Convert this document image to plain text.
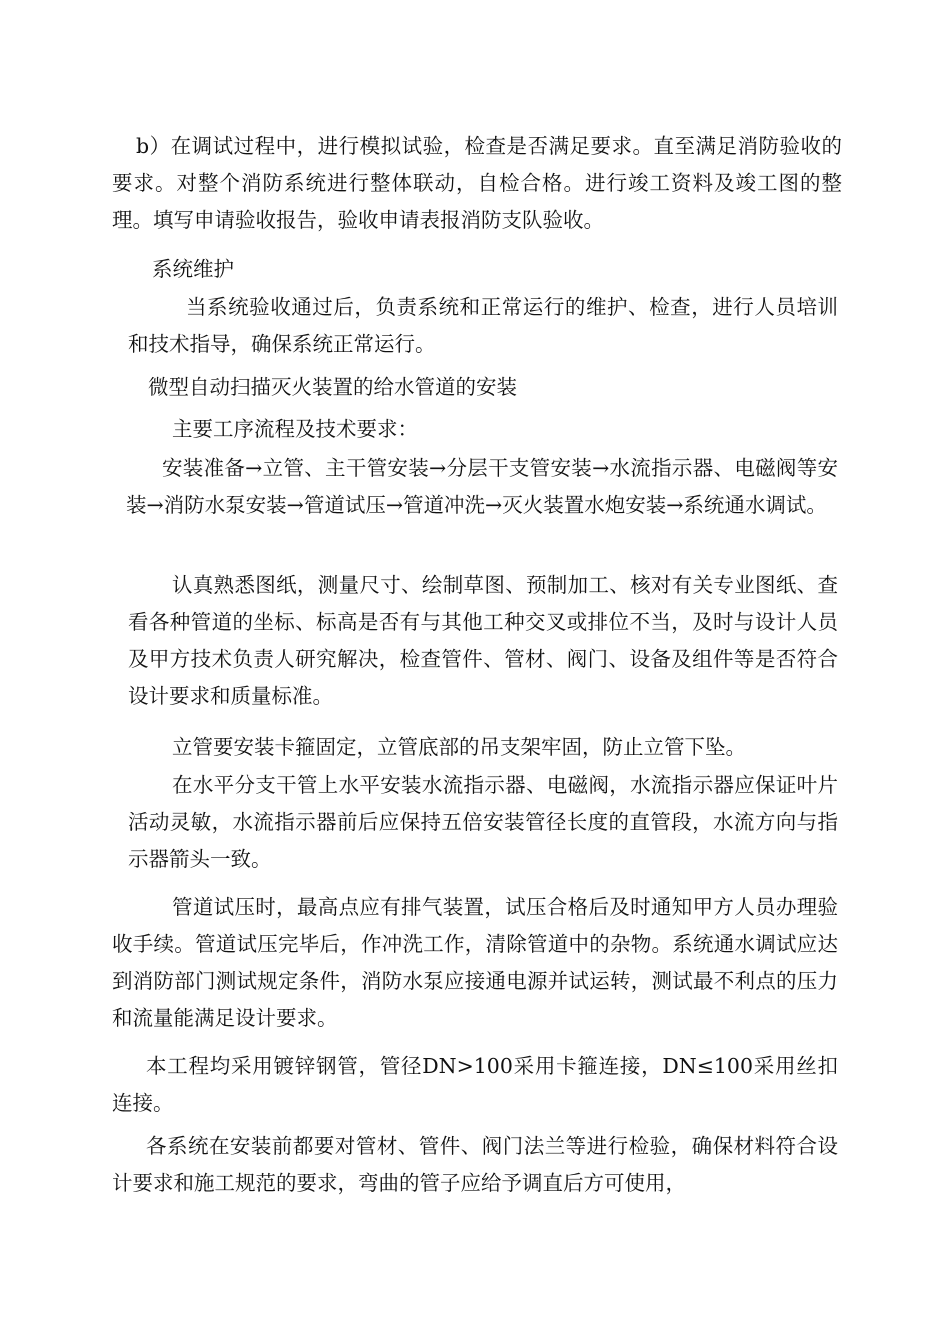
b）在调试过程中，进行模拟试验，检查是否满足要求。直至满足消防验收的要求。对整个消防系统进行整体联动，自检合格。进行竣工资料及竣工图的整理。填写申请验收报告，验收申请表报消防支队验收。
系统维护
当系统验收通过后，负责系统和正常运行的维护、检查，进行人员培训和技术指导，确保系统正常运行。
微型自动扫描灭火装置的给水管道的安装
主要工序流程及技术要求：
安装准备→立管、主干管安装→分层干支管安装→水流指示器、电磁阀等安装→消防水泵安装→管道试压→管道冲洗→灭火装置水炮安装→系统通水调试。
认真熟悉图纸，测量尺寸、绘制草图、预制加工、核对有关专业图纸、查看各种管道的坐标、标高是否有与其他工种交叉或排位不当，及时与设计人员及甲方技术负责人研究解决，检查管件、管材、阀门、设备及组件等是否符合设计要求和质量标准。
立管要安装卡箍固定，立管底部的吊支架牢固，防止立管下坠。
在水平分支干管上水平安装水流指示器、电磁阀，水流指示器应保证叶片活动灵敏，水流指示器前后应保持五倍安装管径长度的直管段，水流方向与指示器箭头一致。
管道试压时，最高点应有排气装置，试压合格后及时通知甲方人员办理验收手续。管道试压完毕后，作冲洗工作，清除管道中的杂物。系统通水调试应达到消防部门测试规定条件，消防水泵应接通电源并试运转，测试最不利点的压力和流量能满足设计要求。
本工程均采用镀锌钢管，管径DN>100采用卡箍连接，DN≤100采用丝扣连接。
各系统在安装前都要对管材、管件、阀门法兰等进行检验，确保材料符合设计要求和施工规范的要求，弯曲的管子应给予调直后方可使用，
